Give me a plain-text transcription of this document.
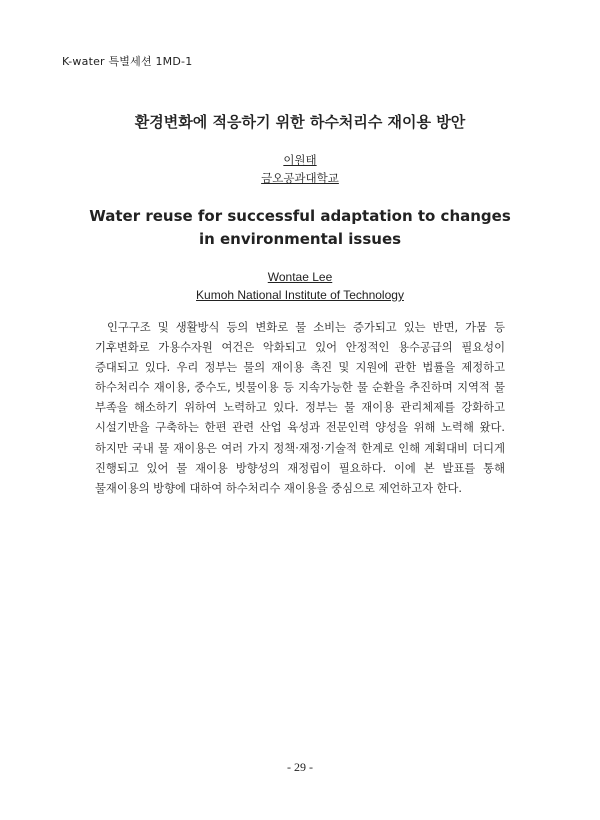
K-water 특별세션 1MD-1
환경변화에 적응하기 위한 하수처리수 재이용 방안
이원태
금오공과대학교
Water reuse for successful adaptation to changes
in environmental issues
Wontae Lee
Kumoh National Institute of Technology
인구구조 및 생활방식 등의 변화로 물 소비는 증가되고 있는 반면, 가뭄 등 기후변화로 가용수자원 여건은 악화되고 있어 안정적인 용수공급의 필요성이 증대되고 있다. 우리 정부는 물의 재이용 촉진 및 지원에 관한 법률을 제정하고 하수처리수 재이용, 중수도, 빗물이용 등 지속가능한 물 순환을 추진하며 지역적 물 부족을 해소하기 위하여 노력하고 있다. 정부는 물 재이용 관리체제를 강화하고 시설기반을 구축하는 한편 관련 산업 육성과 전문인력 양성을 위해 노력해 왔다. 하지만 국내 물 재이용은 여러 가지 정책·재정·기술적 한계로 인해 계획대비 더디게 진행되고 있어 물 재이용 방향성의 재정립이 필요하다. 이에 본 발표를 통해 물재이용의 방향에 대하여 하수처리수 재이용을 중심으로 제언하고자 한다.
- 29 -
